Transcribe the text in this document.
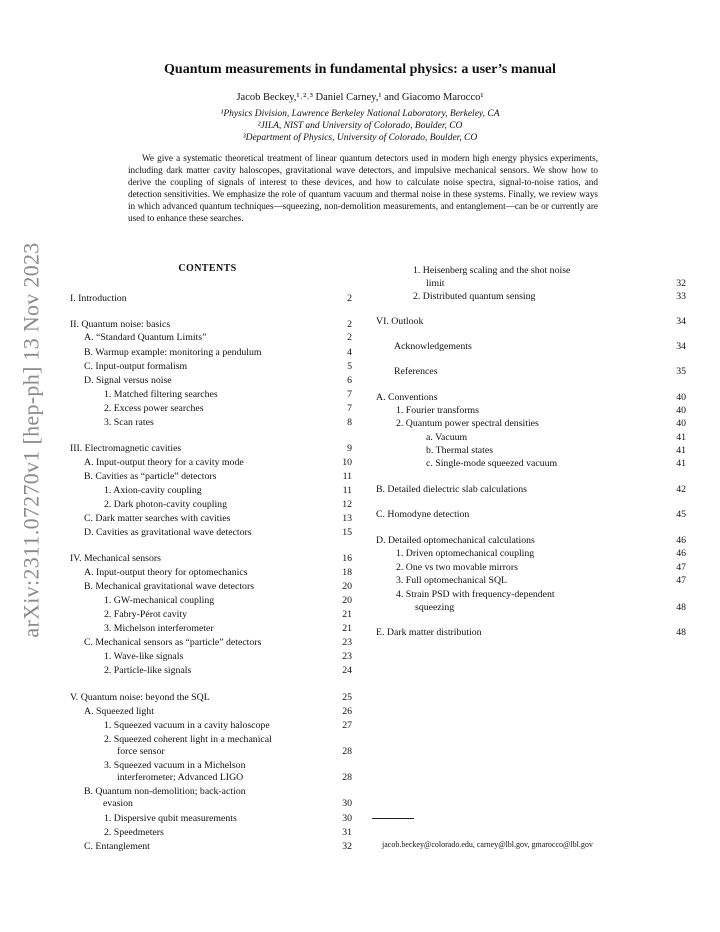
arXiv:2311.07270v1 [hep-ph] 13 Nov 2023
Quantum measurements in fundamental physics: a user’s manual
Jacob Beckey,¹˒²˒³ Daniel Carney,¹ and Giacomo Marocco¹
¹Physics Division, Lawrence Berkeley National Laboratory, Berkeley, CA
²JILA, NIST and University of Colorado, Boulder, CO
³Department of Physics, University of Colorado, Boulder, CO
We give a systematic theoretical treatment of linear quantum detectors used in modern high energy physics experiments, including dark matter cavity haloscopes, gravitational wave detectors, and impulsive mechanical sensors. We show how to derive the coupling of signals of interest to these devices, and how to calculate noise spectra, signal-to-noise ratios, and detection sensitivities. We emphasize the role of quantum vacuum and thermal noise in these systems. Finally, we review ways in which advanced quantum techniques—squeezing, non-demolition measurements, and entanglement—can be or currently are used to enhance these searches.
CONTENTS
I. Introduction	2
II. Quantum noise: basics	2
A. “Standard Quantum Limits”	2
B. Warmup example: monitoring a pendulum	4
C. Input-output formalism	5
D. Signal versus noise	6
1. Matched filtering searches	7
2. Excess power searches	7
3. Scan rates	8
III. Electromagnetic cavities	9
A. Input-output theory for a cavity mode	10
B. Cavities as “particle” detectors	11
1. Axion-cavity coupling	11
2. Dark photon-cavity coupling	12
C. Dark matter searches with cavities	13
D. Cavities as gravitational wave detectors	15
IV. Mechanical sensors	16
A. Input-output theory for optomechanics	18
B. Mechanical gravitational wave detectors	20
1. GW-mechanical coupling	20
2. Fabry-Pérot cavity	21
3. Michelson interferometer	21
C. Mechanical sensors as “particle” detectors	23
1. Wave-like signals	23
2. Particle-like signals	24
V. Quantum noise: beyond the SQL	25
A. Squeezed light	26
1. Squeezed vacuum in a cavity haloscope	27
2. Squeezed coherent light in a mechanical
force sensor	28
3. Squeezed vacuum in a Michelson
interferometer; Advanced LIGO	28
B. Quantum non-demolition; back-action
evasion	30
1. Dispersive qubit measurements	30
2. Speedmeters	31
C. Entanglement	32
1. Heisenberg scaling and the shot noise
limit	32
2. Distributed quantum sensing	33
VI. Outlook	34
Acknowledgements	34
References	35
A. Conventions	40
1. Fourier transforms	40
2. Quantum power spectral densities	40
a. Vacuum	41
b. Thermal states	41
c. Single-mode squeezed vacuum	41
B. Detailed dielectric slab calculations	42
C. Homodyne detection	45
D. Detailed optomechanical calculations	46
1. Driven optomechanical coupling	46
2. One vs two movable mirrors	47
3. Full optomechanical SQL	47
4. Strain PSD with frequency-dependent
squeezing	48
E. Dark matter distribution	48
jacob.beckey@colorado.edu, carney@lbl.gov, gmarocco@lbl.gov
